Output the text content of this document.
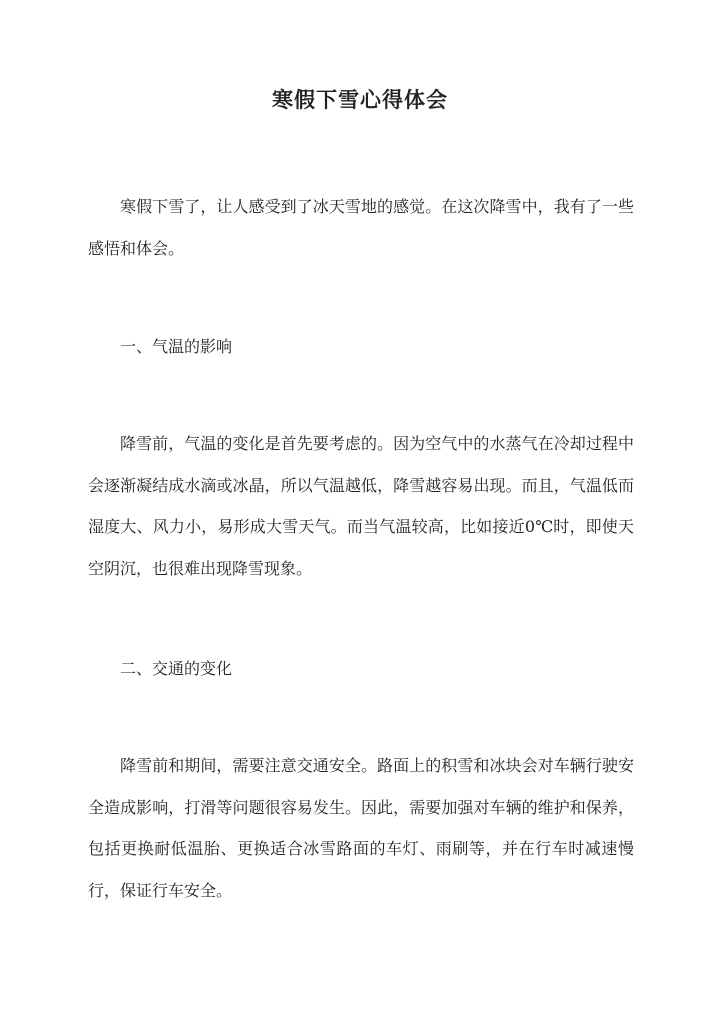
寒假下雪心得体会

寒假下雪了，让人感受到了冰天雪地的感觉。在这次降雪中，我有了一些感悟和体会。

一、气温的影响

降雪前，气温的变化是首先要考虑的。因为空气中的水蒸气在冷却过程中会逐渐凝结成水滴或冰晶，所以气温越低，降雪越容易出现。而且，气温低而湿度大、风力小，易形成大雪天气。而当气温较高，比如接近0℃时，即使天空阴沉，也很难出现降雪现象。

二、交通的变化

降雪前和期间，需要注意交通安全。路面上的积雪和冰块会对车辆行驶安全造成影响，打滑等问题很容易发生。因此，需要加强对车辆的维护和保养，包括更换耐低温胎、更换适合冰雪路面的车灯、雨刷等，并在行车时减速慢行，保证行车安全。
